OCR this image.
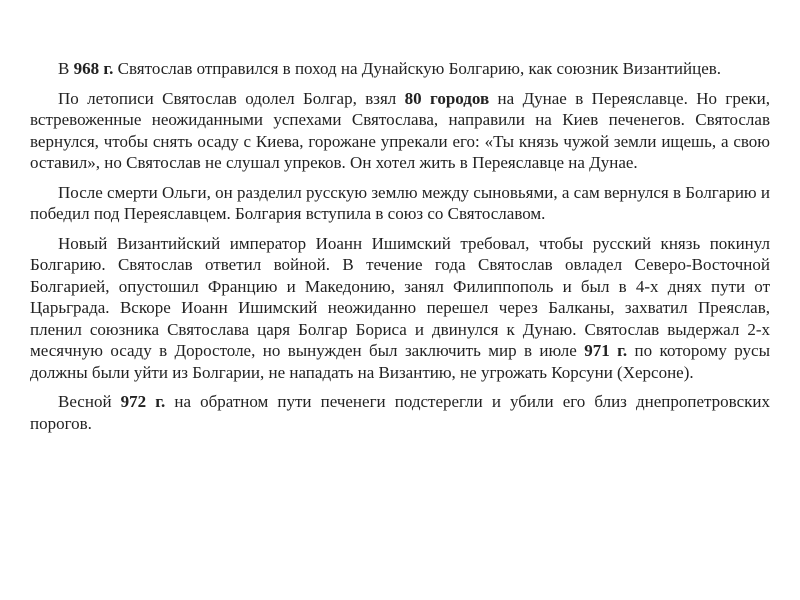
В 968 г. Святослав отправился в поход на Дунайскую Болгарию, как союзник Византийцев.

По летописи Святослав одолел Болгар, взял 80 городов на Дунае в Переяславце. Но греки, встревоженные неожиданными успехами Святослава, направили на Киев печенегов. Святослав вернулся, чтобы снять осаду с Киева, горожане упрекали его: «Ты князь чужой земли ищешь, а свою оставил», но Святослав не слушал упреков. Он хотел жить в Переяславце на Дунае.

После смерти Ольги, он разделил русскую землю между сыновьями, а сам вернулся в Болгарию и победил под Переяславцем. Болгария вступила в союз со Святославом.

Новый Византийский император Иоанн Ишимский требовал, чтобы русский князь покинул Болгарию. Святослав ответил войной. В течение года Святослав овладел Северо-Восточной Болгарией, опустошил Францию и Македонию, занял Филиппополь и был в 4-х днях пути от Царьграда. Вскоре Иоанн Ишимский неожиданно перешел через Балканы, захватил Преяслав, пленил союзника Святослава царя Болгар Бориса и двинулся к Дунаю. Святослав выдержал 2-х месячную осаду в Доростоле, но вынужден был заключить мир в июле 971 г. по которому русы должны были уйти из Болгарии, не нападать на Византию, не угрожать Корсуни (Херсоне).

Весной 972 г. на обратном пути печенеги подстерегли и убили его близ днепропетровских порогов.
